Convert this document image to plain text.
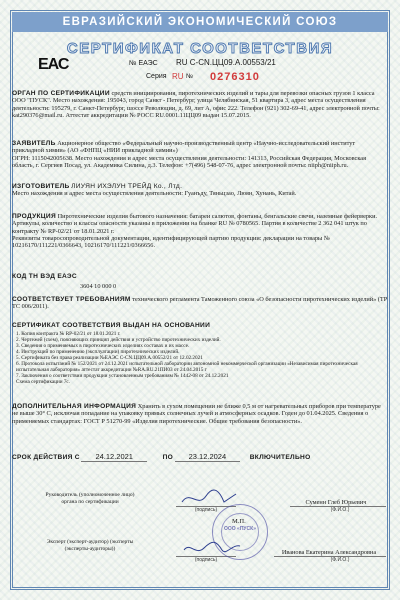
ЕВРАЗИЙСКИЙ ЭКОНОМИЧЕСКИЙ СОЮЗ
СЕРТИФИКАТ СООТВЕТСТВИЯ
ЕАС	№ ЕАЭС RU С-CN.ЦЦ09.А.00553/21
Серия RU № 0276310
ОРГАН ПО СЕРТИФИКАЦИИ средств инициирования, пиротехнических изделий и тары для перевозки опасных грузов 1 класса ООО "ПУСК". Место нахождения: 195043, город Санкт - Петербург, улица Челябинская, 51 квартира 3, адрес места осуществления деятельности: 195279, г. Санкт-Петербург, шоссе Революции, д. 69, лит А, офис 222. Телефон (921) 302-69-41, адрес электронной почты: kat290376@mail.ru. Аттестат аккредитации № РОСС RU.0001.11ЦЦ09 выдан 15.07.2015.
ЗАЯВИТЕЛЬ Акционерное общество «Федеральный научно-производственный центр «Научно-исследовательский институт прикладной химии» (АО «ФНПЦ «НИИ прикладной химии»)
ОГРН: 1115042005638. Место нахождения и адрес места осуществления деятельности: 141313, Российская Федерация, Московская область, г. Сергиев Посад, ул. Академика Силина, д.3. Телефон: +7(496) 548-07-76, адрес электронной почты: niiph@niiph.ru.
ИЗГОТОВИТЕЛЬ ЛИУЯН ИХЭЛУН ТРЕЙД Ко., Лтд.
Место нахождения и адрес места осуществления деятельности: Гуанъду, Тяньцзао, Люян, Хунань, Китай.
ПРОДУКЦИЯ Пиротехнические изделия бытового назначения: батареи салютов, фонтаны, бенгальские свечи, наземные фейерверки. Артикулы, количество и классы опасности указаны в приложении на бланке RU № 0780565. Партия в количестве 2 362 041 штук по контракту № RP-02/21 от 18.01.2021 г.
Реквизиты товаросопроводительной документации, идентифицирующей партию продукции: декларации на товары № 10216170/111221/0366643, 10216170/111221/0366656.
КОД ТН ВЭД ЕАЭС
3604 10 000 0
СООТВЕТСТВУЕТ ТРЕБОВАНИЯМ технического регламента Таможенного союза «О безопасности пиротехнических изделий» (ТР ТС 006/2011).
СЕРТИФИКАТ СООТВЕТСТВИЯ ВЫДАН НА ОСНОВАНИИ
1. Копия контракта № RP-02/21 от 18.01.2021 г.
2. Чертежей (схем), поясняющих принцип действия и устройство пиротехнических изделий.
3. Сведения о применяемых в пиротехнических изделиях составах и их массе.
4. Инструкций по применению (эксплуатации) пиротехнических изделий.
5. Сертификата без права реализации №ЕАЭС С-CN.ЦЦ09.А.00552/21 от 12.02.2021
6. Протокола испытаний № 152/2021 от 24.12.2021 испытательной лаборатории автономной некоммерческой организации «Независимая пиротехническая испытательная лаборатория» аттестат аккредитации №RA.RU.21ПИ03 от 24.04.2015 г
7. Заключения о соответствии продукции установленным требованиям № 1442-08 от 24.12.2021
Схема сертификации 7с.
ДОПОЛНИТЕЛЬНАЯ ИНФОРМАЦИЯ Хранить в сухом помещении не ближе 0,5 м от нагревательных приборов при температуре не выше 30° С, исключая попадание на упаковку прямых солнечных лучей и атмосферных осадков. Годен до 01.04.2025. Сведения о применяемых стандартах: ГОСТ Р 51270-99 «Изделия пиротехнические. Общие требования безопасности».
СРОК ДЕЙСТВИЯ С 24.12.2021	ПО 23.12.2024	ВКЛЮЧИТЕЛЬНО
Руководитель (уполномоченное лицо) органа по сертификации
Эксперт (эксперт-аудитор) (эксперты (эксперты-аудиторы))
(подпись)
(подпись)
(Ф.И.О.)
(Ф.И.О.)
М.П.
Суменн Глеб Юрьевич
Иванова Екатерина Александровна
ООО «ПУСК»
